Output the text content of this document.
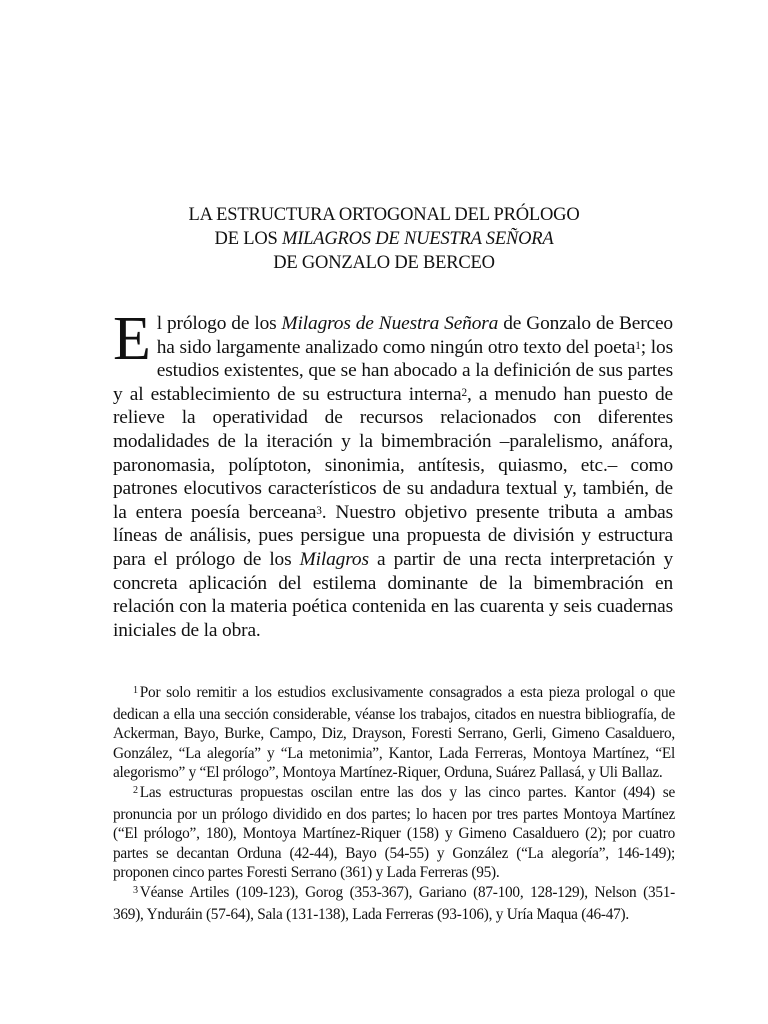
LA ESTRUCTURA ORTOGONAL DEL PRÓLOGO
DE LOS MILAGROS DE NUESTRA SEÑORA
DE GONZALO DE BERCEO

El prólogo de los Milagros de Nuestra Señora de Gonzalo de Berceo ha sido largamente analizado como ningún otro texto del poeta$^1$; los estudios existentes, que se han abocado a la definición de sus partes y al establecimiento de su estructura interna$^2$, a menudo han puesto de relieve la operatividad de recursos relacionados con diferentes modalidades de la iteración y la bimembración –paralelismo, anáfora, paronomasia, políptoton, sinonimia, antítesis, quiasmo, etc.– como patrones elocutivos característicos de su andadura textual y, también, de la entera poesía berceana$^3$. Nuestro objetivo presente tributa a ambas líneas de análisis, pues persigue una propuesta de división y estructura para el prólogo de los Milagros a partir de una recta interpretación y concreta aplicación del estilema dominante de la bimembración en relación con la materia poética contenida en las cuarenta y seis cuadernas iniciales de la obra.

$^1$ Por solo remitir a los estudios exclusivamente consagrados a esta pieza prologal o que dedican a ella una sección considerable, véanse los trabajos, citados en nuestra bibliografía, de Ackerman, Bayo, Burke, Campo, Diz, Drayson, Foresti Serrano, Gerli, Gimeno Casalduero, González, “La alegoría” y “La metonimia”, Kantor, Lada Ferreras, Montoya Martínez, “El alegorismo” y “El prólogo”, Montoya Martínez-Riquer, Orduna, Suárez Pallasá, y Uli Ballaz.

$^2$ Las estructuras propuestas oscilan entre las dos y las cinco partes. Kantor (494) se pronuncia por un prólogo dividido en dos partes; lo hacen por tres partes Montoya Martínez (“El prólogo”, 180), Montoya Martínez-Riquer (158) y Gimeno Casalduero (2); por cuatro partes se decantan Orduna (42-44), Bayo (54-55) y González (“La alegoría”, 146-149); proponen cinco partes Foresti Serrano (361) y Lada Ferreras (95).

$^3$ Véanse Artiles (109-123), Gorog (353-367), Gariano (87-100, 128-129), Nelson (351-369), Ynduráin (57-64), Sala (131-138), Lada Ferreras (93-106), y Uría Maqua (46-47).
